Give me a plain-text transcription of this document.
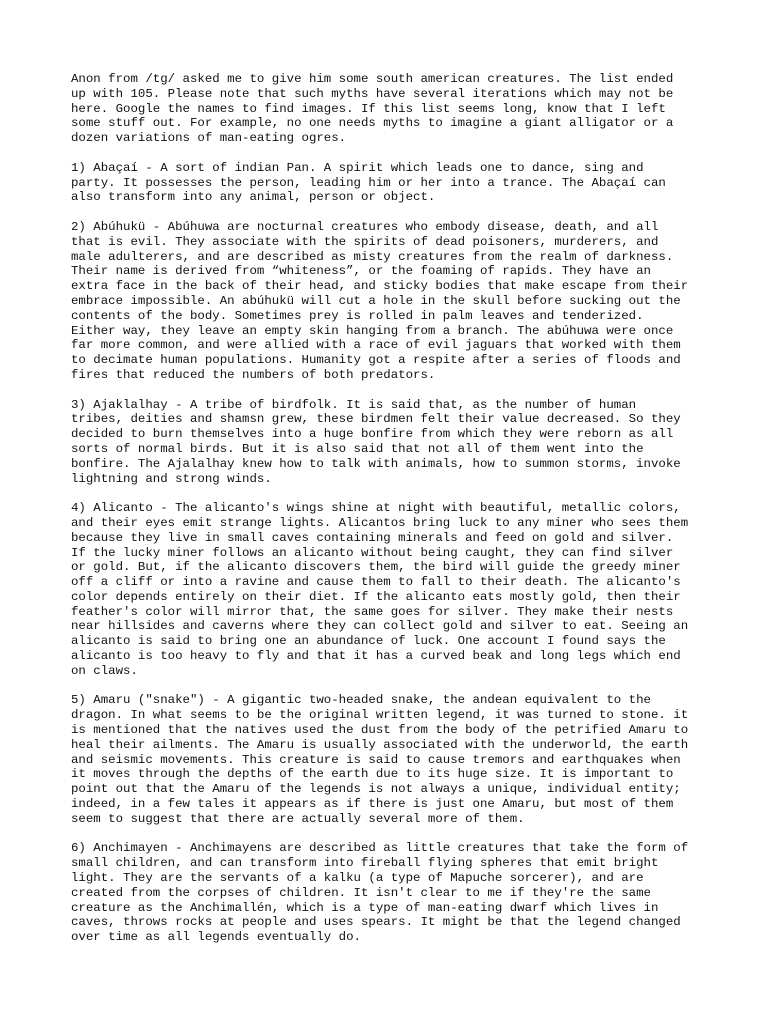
Anon from /tg/ asked me to give him some south american creatures. The list ended
up with 105. Please note that such myths have several iterations which may not be
here. Google the names to find images. If this list seems long, know that I left
some stuff out. For example, no one needs myths to imagine a giant alligator or a
dozen variations of man-eating ogres.

1) Abaçaí - A sort of indian Pan. A spirit which leads one to dance, sing and
party. It possesses the person, leading him or her into a trance. The Abaçaí can
also transform into any animal, person or object.

2) Abúhukü - Abúhuwa are nocturnal creatures who embody disease, death, and all
that is evil. They associate with the spirits of dead poisoners, murderers, and
male adulterers, and are described as misty creatures from the realm of darkness.
Their name is derived from “whiteness”, or the foaming of rapids. They have an
extra face in the back of their head, and sticky bodies that make escape from their
embrace impossible. An abúhukü will cut a hole in the skull before sucking out the
contents of the body. Sometimes prey is rolled in palm leaves and tenderized.
Either way, they leave an empty skin hanging from a branch. The abúhuwa were once
far more common, and were allied with a race of evil jaguars that worked with them
to decimate human populations. Humanity got a respite after a series of floods and
fires that reduced the numbers of both predators.

3) Ajaklalhay - A tribe of birdfolk. It is said that, as the number of human
tribes, deities and shamsn grew, these birdmen felt their value decreased. So they
decided to burn themselves into a huge bonfire from which they were reborn as all
sorts of normal birds. But it is also said that not all of them went into the
bonfire. The Ajalalhay knew how to talk with animals, how to summon storms, invoke
lightning and strong winds.

4) Alicanto - The alicanto's wings shine at night with beautiful, metallic colors,
and their eyes emit strange lights. Alicantos bring luck to any miner who sees them
because they live in small caves containing minerals and feed on gold and silver.
If the lucky miner follows an alicanto without being caught, they can find silver
or gold. But, if the alicanto discovers them, the bird will guide the greedy miner
off a cliff or into a ravine and cause them to fall to their death. The alicanto's
color depends entirely on their diet. If the alicanto eats mostly gold, then their
feather's color will mirror that, the same goes for silver. They make their nests
near hillsides and caverns where they can collect gold and silver to eat. Seeing an
alicanto is said to bring one an abundance of luck. One account I found says the
alicanto is too heavy to fly and that it has a curved beak and long legs which end
on claws.

5) Amaru ("snake") - A gigantic two-headed snake, the andean equivalent to the
dragon. In what seems to be the original written legend, it was turned to stone. it
is mentioned that the natives used the dust from the body of the petrified Amaru to
heal their ailments. The Amaru is usually associated with the underworld, the earth
and seismic movements. This creature is said to cause tremors and earthquakes when
it moves through the depths of the earth due to its huge size. It is important to
point out that the Amaru of the legends is not always a unique, individual entity;
indeed, in a few tales it appears as if there is just one Amaru, but most of them
seem to suggest that there are actually several more of them.

6) Anchimayen - Anchimayens are described as little creatures that take the form of
small children, and can transform into fireball flying spheres that emit bright
light. They are the servants of a kalku (a type of Mapuche sorcerer), and are
created from the corpses of children. It isn't clear to me if they're the same
creature as the Anchimallén, which is a type of man-eating dwarf which lives in
caves, throws rocks at people and uses spears. It might be that the legend changed
over time as all legends eventually do.
